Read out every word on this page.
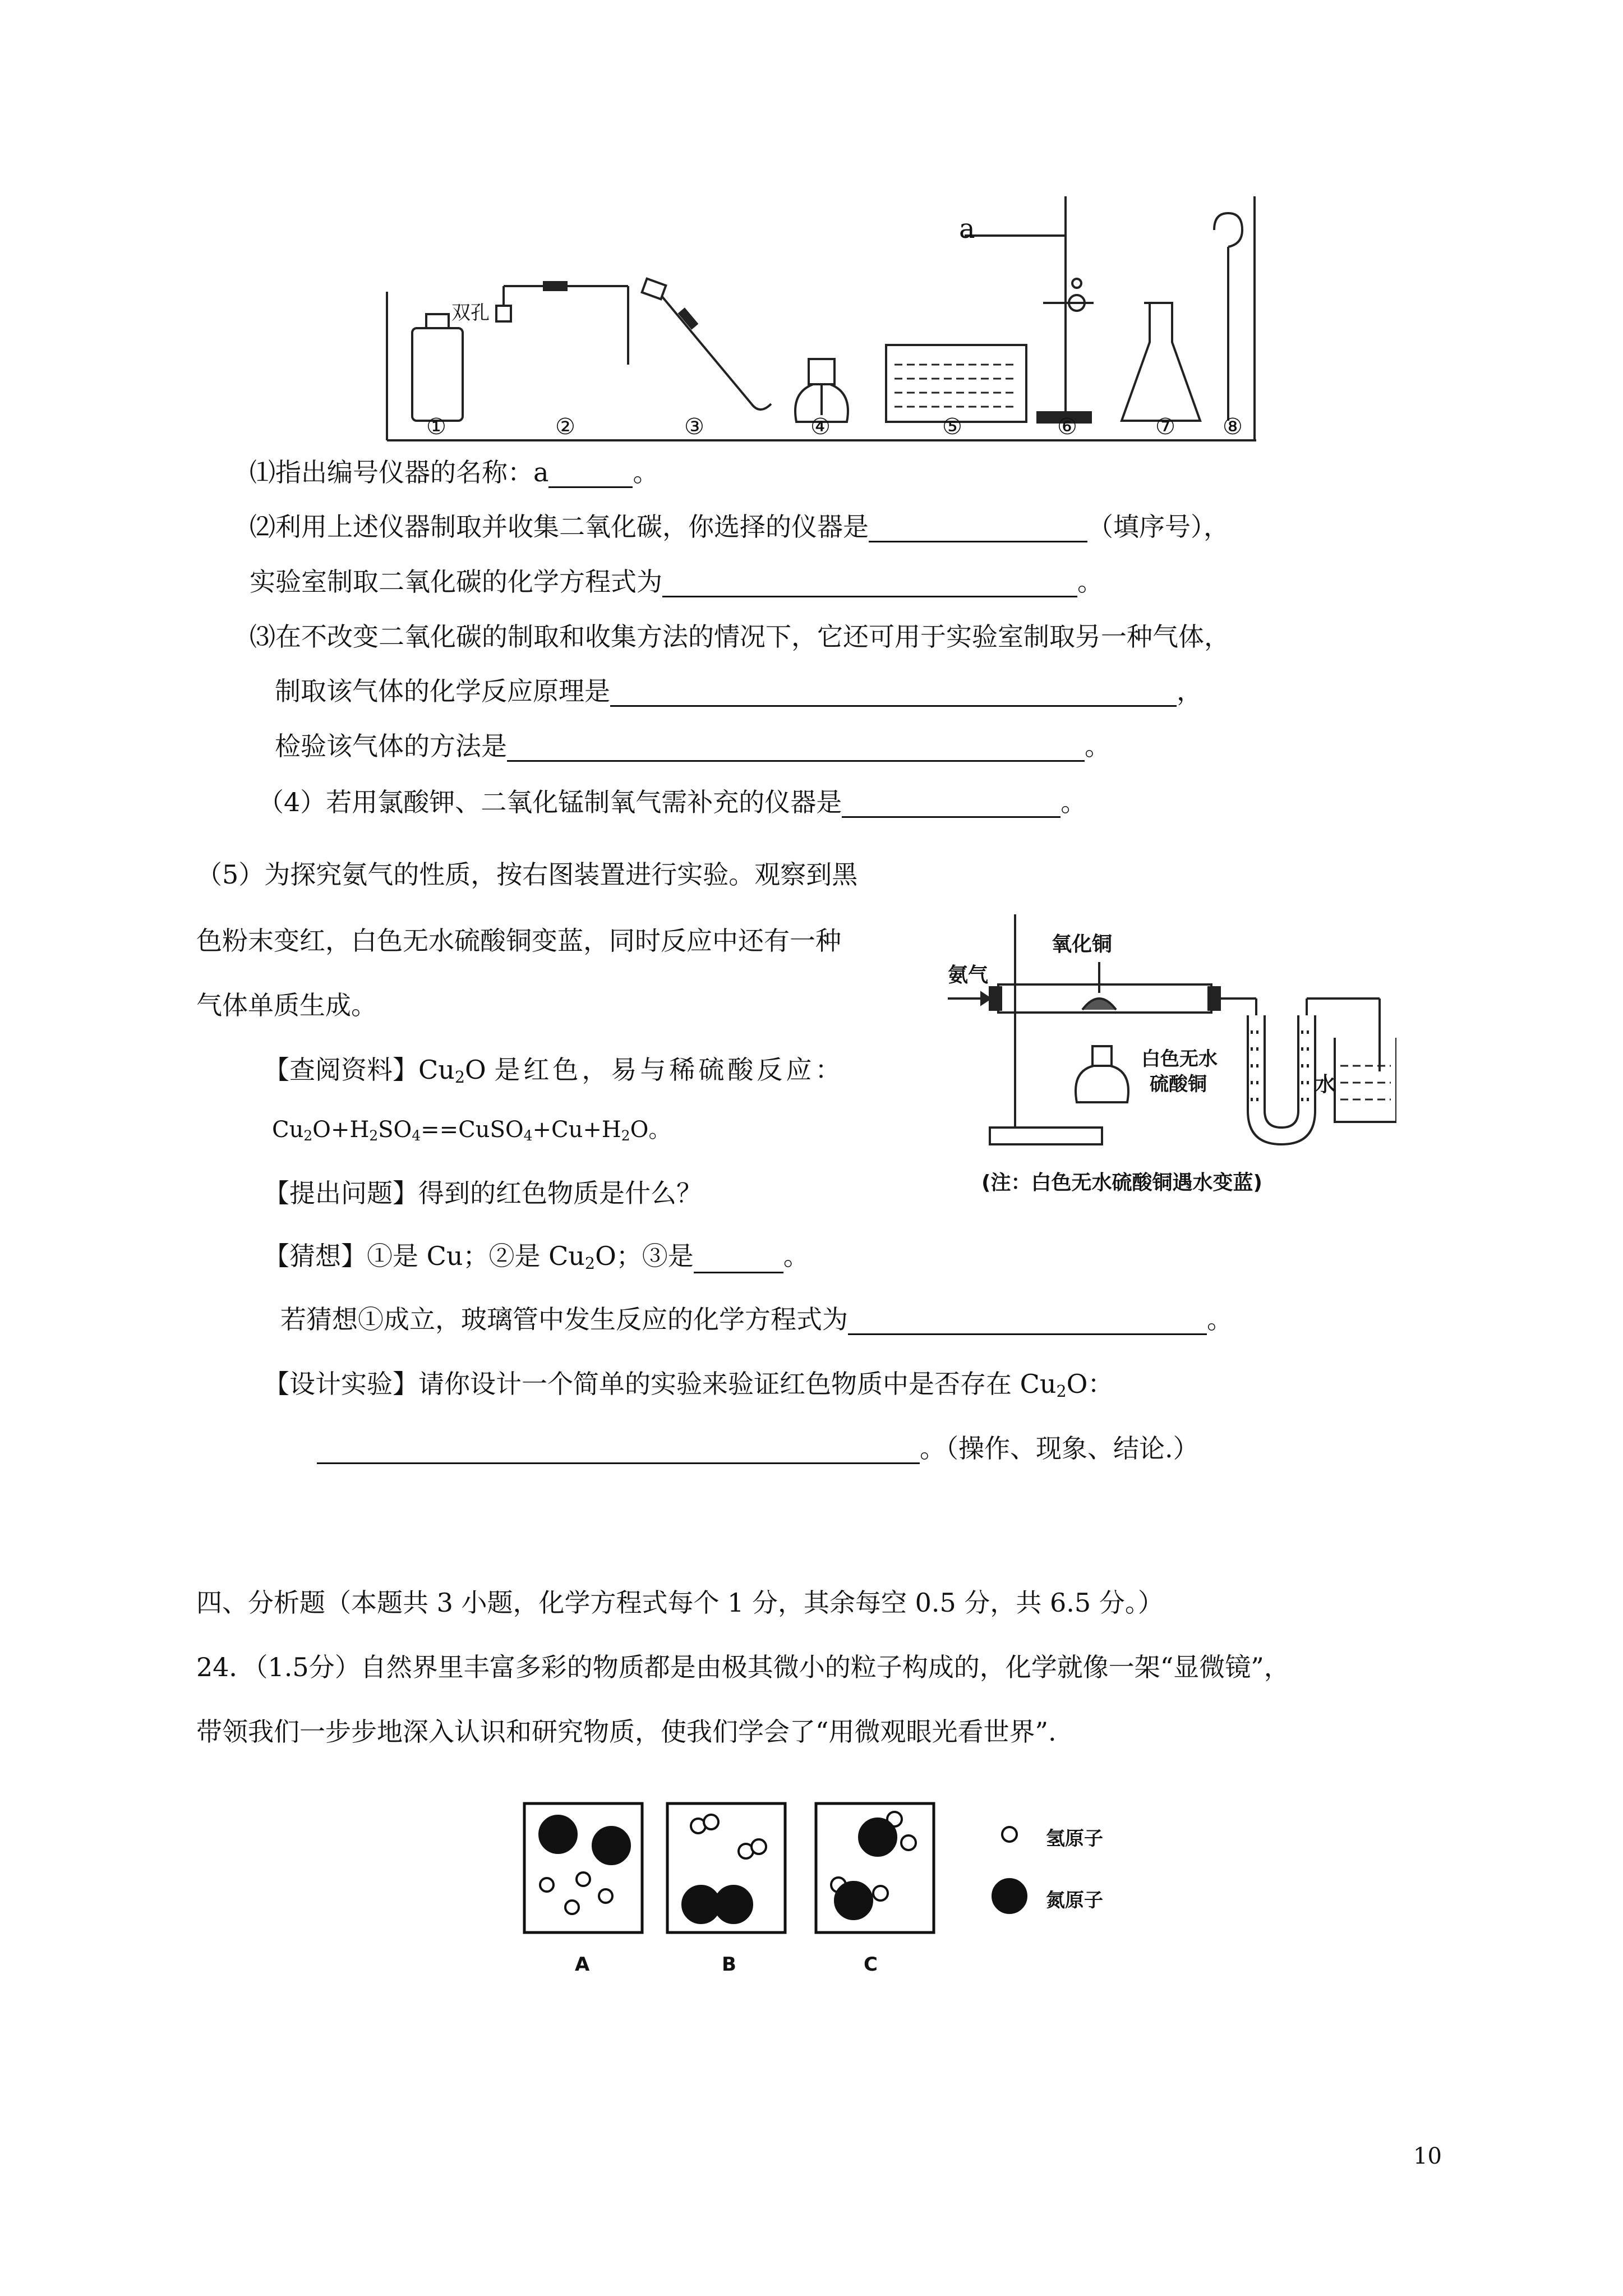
a
双孔
①	②	③	④	⑤	⑥	⑦ ⑧
⑴指出编号仪器的名称：a	。
⑵利用上述仪器制取并收集二氧化碳，你选择的仪器是	（填序号），
实验室制取二氧化碳的化学方程式为	。
⑶在不改变二氧化碳的制取和收集方法的情况下，它还可用于实验室制取另一种气体，
制取该气体的化学反应原理是	，
检验该气体的方法是	。
（4）若用氯酸钾、二氧化锰制氧气需补充的仪器是	。
（5）为探究氨气的性质，按右图装置进行实验。观察到黑
色粉末变红，白色无水硫酸铜变蓝，同时反应中还有一种
气体单质生成。
【查阅资料】$Cu_2O$ 是红色，易与稀硫酸反应：
$Cu_2O+H_2SO_4==CuSO_4+Cu+H_2O$。
【提出问题】得到的红色物质是什么？
【猜想】①是 Cu；②是 $Cu_2O$；③是	。
若猜想①成立，玻璃管中发生反应的化学方程式为	。
【设计实验】请你设计一个简单的实验来验证红色物质中是否存在 $Cu_2O$：
。（操作、现象、结论.）
氨气
氧化铜
白色无水
硫酸铜	水
(注：白色无水硫酸铜遇水变蓝)
四、分析题（本题共 3 小题，化学方程式每个 1 分，其余每空 0.5 分，共 6.5 分。）
24．（1.5分）自然界里丰富多彩的物质都是由极其微小的粒子构成的，化学就像一架“显微镜”，
带领我们一步步地深入认识和研究物质，使我们学会了“用微观眼光看世界”.
A	B	C
氢原子
氮原子
10
